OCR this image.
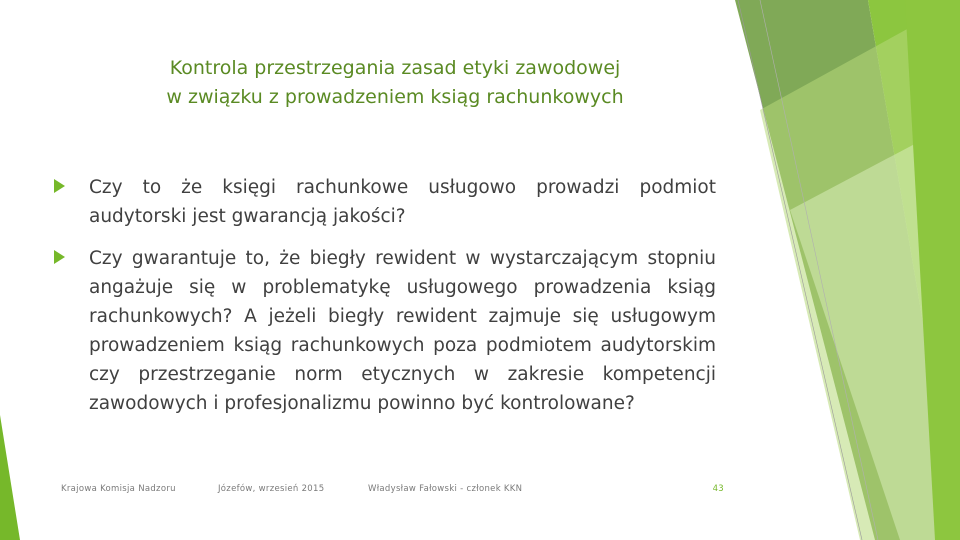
Kontrola przestrzegania zasad etyki zawodowej
w związku z prowadzeniem ksiąg rachunkowych
Czy to że księgi rachunkowe usługowo prowadzi podmiot audytorski jest gwarancją jakości?
Czy gwarantuje to, że biegły rewident w wystarczającym stopniu angażuje się w problematykę usługowego prowadzenia ksiąg rachunkowych? A jeżeli biegły rewident zajmuje się usługowym prowadzeniem ksiąg rachunkowych poza podmiotem audytorskim czy przestrzeganie norm etycznych w zakresie kompetencji zawodowych i profesjonalizmu powinno być kontrolowane?
Krajowa Komisja Nadzoru	Józefów, wrzesień 2015	Władysław Fałowski - członek KKN	43
